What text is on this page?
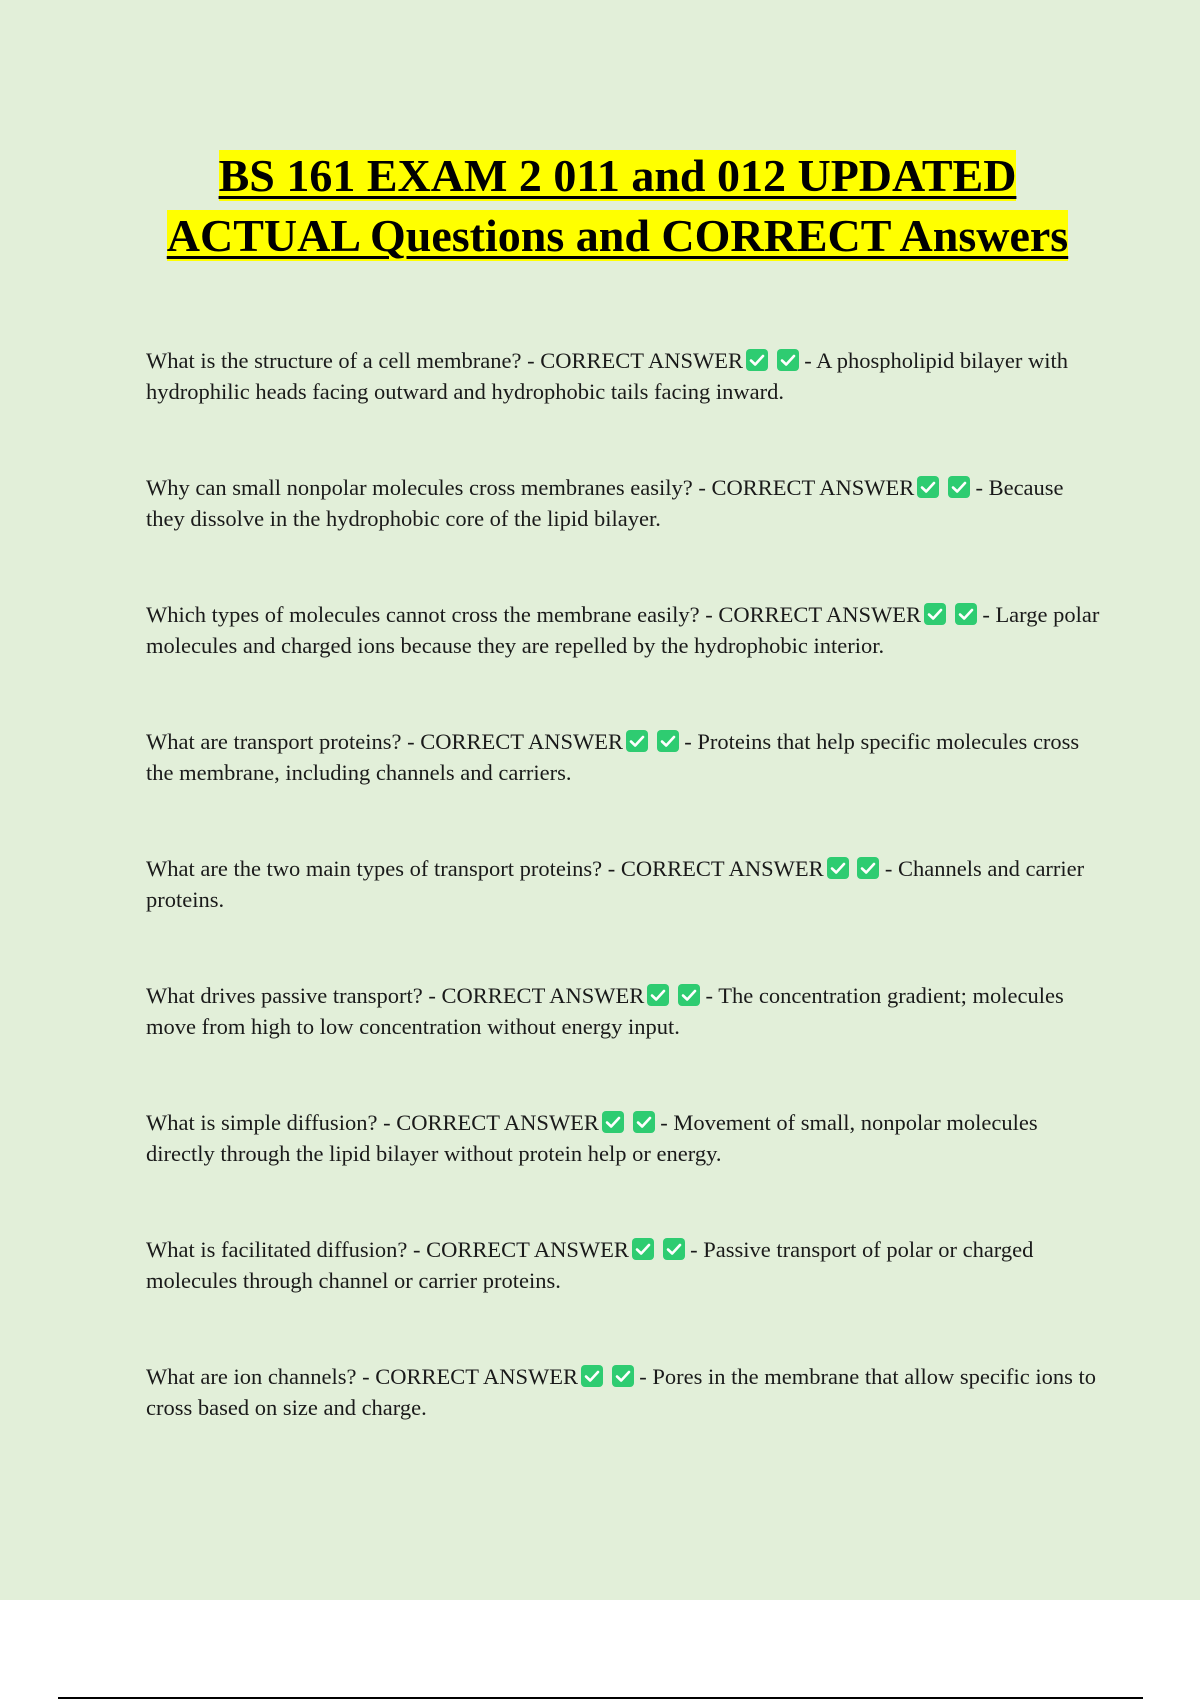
BS 161 EXAM 2 011 and 012 UPDATED ACTUAL Questions and CORRECT Answers
What is the structure of a cell membrane? - CORRECT ANSWER

- A phospholipid bilayer with hydrophilic heads facing outward and hydrophobic tails facing inward.
Why can small nonpolar molecules cross membranes easily? - CORRECT ANSWER

- Because they dissolve in the hydrophobic core of the lipid bilayer.
Which types of molecules cannot cross the membrane easily? - CORRECT ANSWER

- Large polar molecules and charged ions because they are repelled by the hydrophobic interior.
What are transport proteins? - CORRECT ANSWER

- Proteins that help specific molecules cross the membrane, including channels and carriers.
What are the two main types of transport proteins? - CORRECT ANSWER

- Channels and carrier proteins.
What drives passive transport? - CORRECT ANSWER

- The concentration gradient; molecules move from high to low concentration without energy input.
What is simple diffusion? - CORRECT ANSWER

- Movement of small, nonpolar molecules directly through the lipid bilayer without protein help or energy.
What is facilitated diffusion? - CORRECT ANSWER

- Passive transport of polar or charged molecules through channel or carrier proteins.
What are ion channels? - CORRECT ANSWER

- Pores in the membrane that allow specific ions to cross based on size and charge.
